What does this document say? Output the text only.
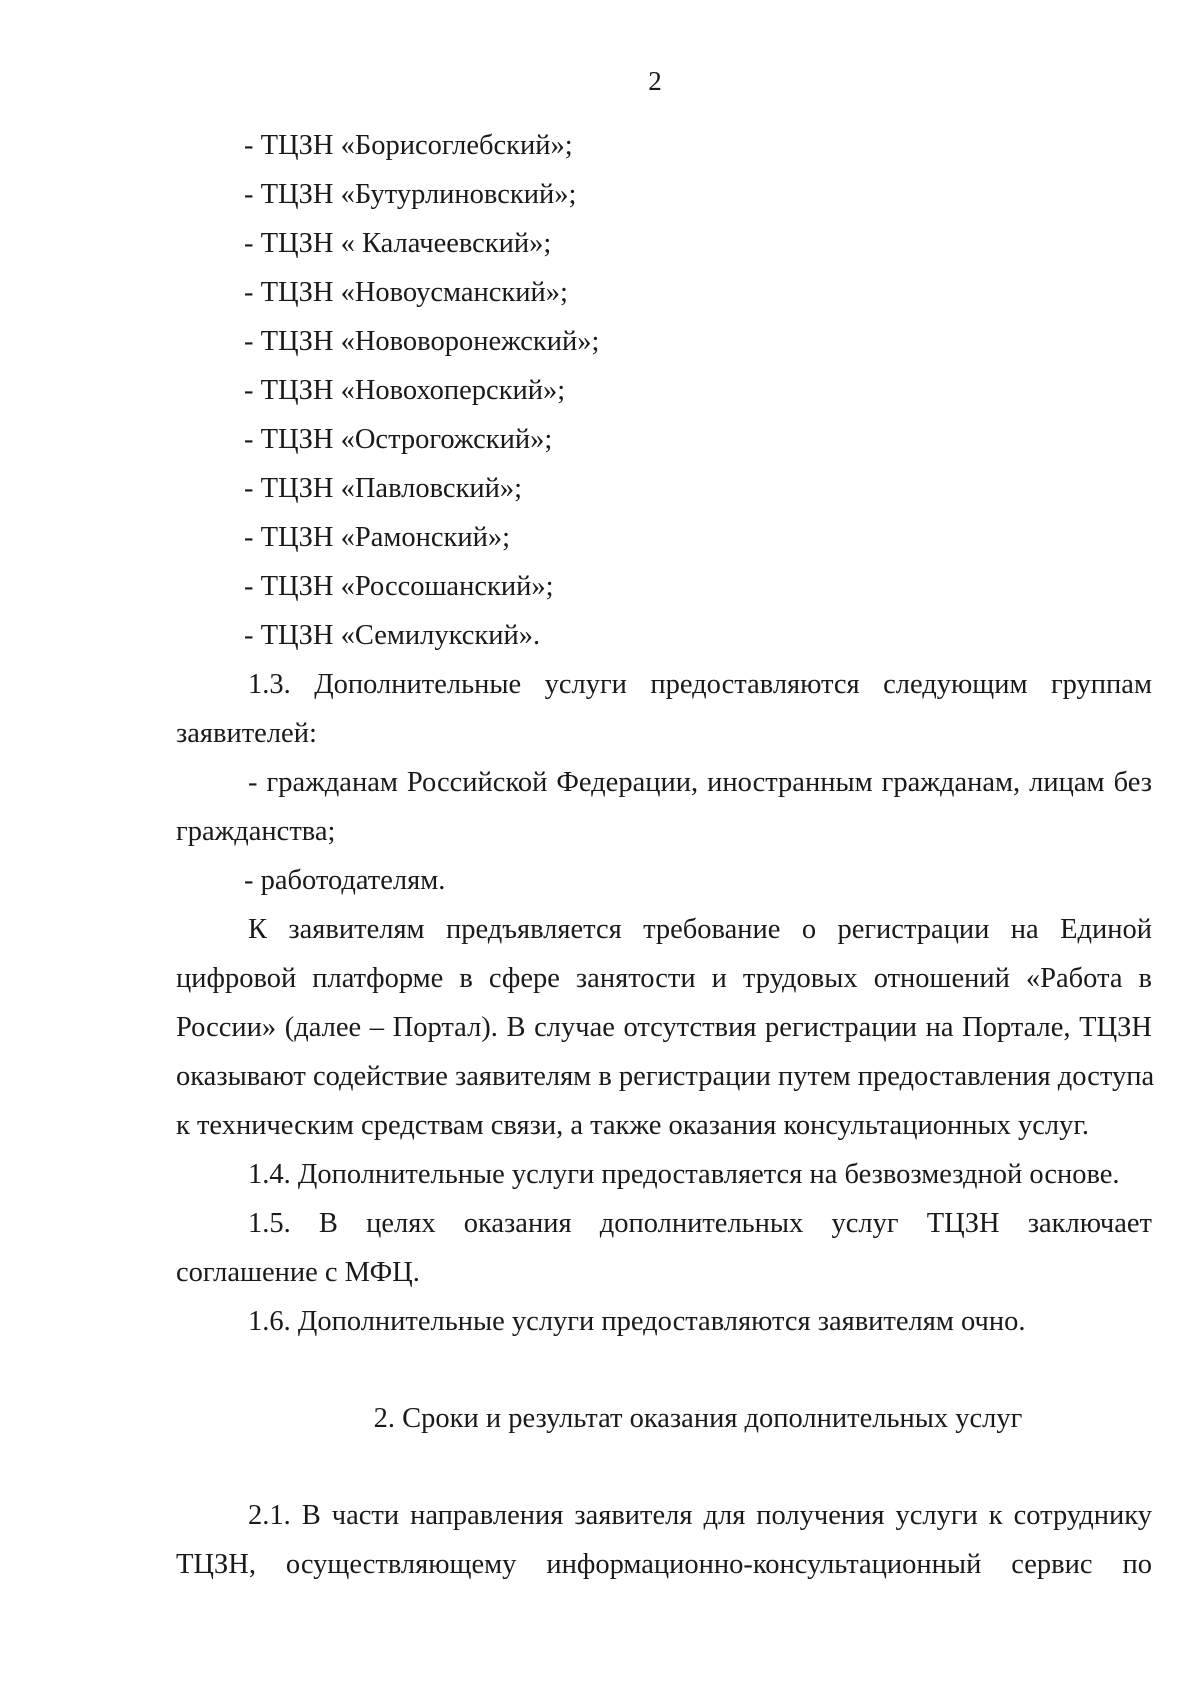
2
- ТЦЗН «Борисоглебский»;
- ТЦЗН «Бутурлиновский»;
- ТЦЗН « Калачеевский»;
- ТЦЗН «Новоусманский»;
- ТЦЗН «Нововоронежский»;
- ТЦЗН «Новохоперский»;
- ТЦЗН «Острогожский»;
- ТЦЗН «Павловский»;
- ТЦЗН «Рамонский»;
- ТЦЗН «Россошанский»;
- ТЦЗН «Семилукский».
1.3. Дополнительные услуги предоставляются следующим группам
заявителей:
- гражданам Российской Федерации, иностранным гражданам, лицам без
гражданства;
- работодателям.
К заявителям предъявляется требование о регистрации на Единой
цифровой платформе в сфере занятости и трудовых отношений «Работа в
России» (далее – Портал). В случае отсутствия регистрации на Портале, ТЦЗН
оказывают содействие заявителям в регистрации путем предоставления доступа
к техническим средствам связи, а также оказания консультационных услуг.
1.4. Дополнительные услуги предоставляется на безвозмездной основе.
1.5. В целях оказания дополнительных услуг ТЦЗН заключает
соглашение с МФЦ.
1.6. Дополнительные услуги предоставляются заявителям очно.
2. Сроки и результат оказания дополнительных услуг
2.1. В части направления заявителя для получения услуги к сотруднику
ТЦЗН, осуществляющему информационно-консультационный сервис по
